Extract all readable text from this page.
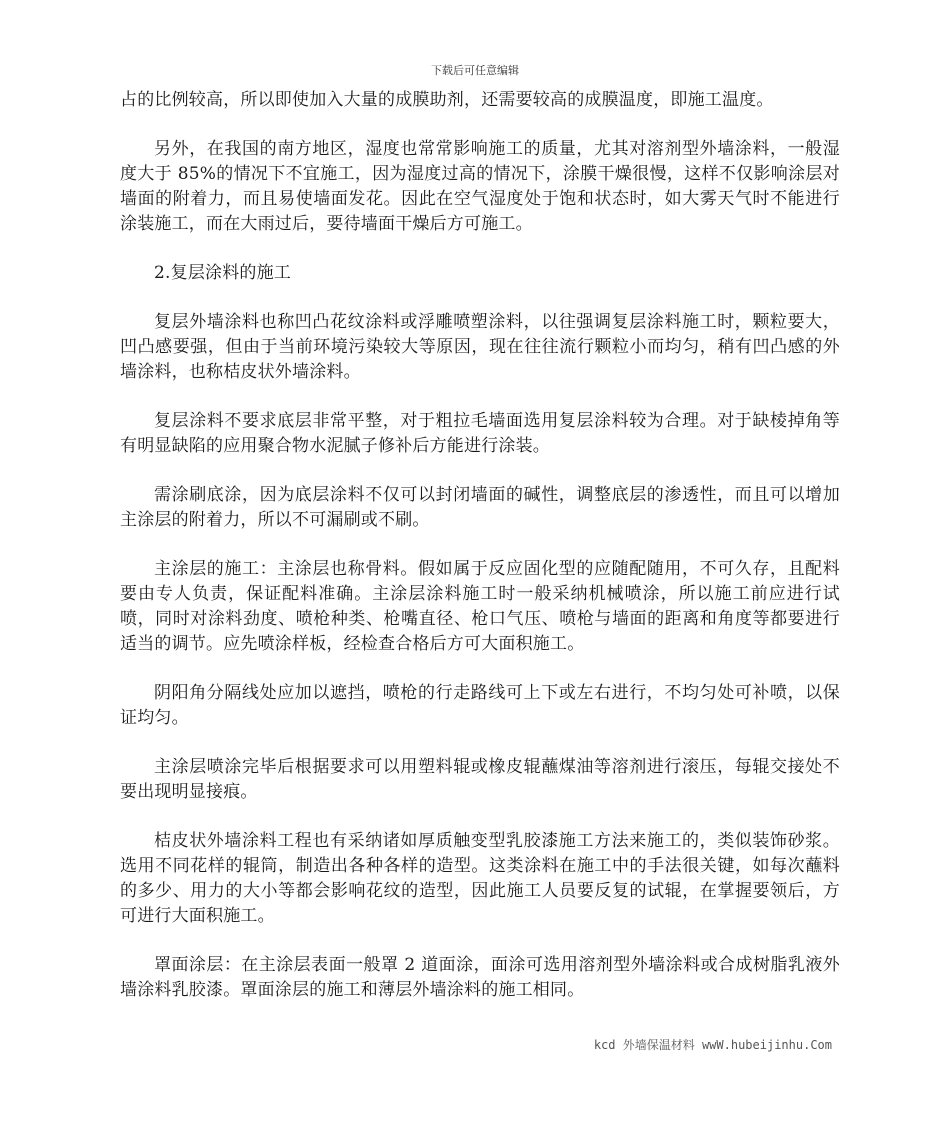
下载后可任意编辑

占的比例较高，所以即使加入大量的成膜助剂，还需要较高的成膜温度，即施工温度。

另外，在我国的南方地区，湿度也常常影响施工的质量，尤其对溶剂型外墙涂料，一般湿度大于 85%的情况下不宜施工，因为湿度过高的情况下，涂膜干燥很慢，这样不仅影响涂层对墙面的附着力，而且易使墙面发花。因此在空气湿度处于饱和状态时，如大雾天气时不能进行涂装施工，而在大雨过后，要待墙面干燥后方可施工。

2.复层涂料的施工

复层外墙涂料也称凹凸花纹涂料或浮雕喷塑涂料，以往强调复层涂料施工时，颗粒要大，凹凸感要强，但由于当前环境污染较大等原因，现在往往流行颗粒小而均匀，稍有凹凸感的外墙涂料，也称桔皮状外墙涂料。

复层涂料不要求底层非常平整，对于粗拉毛墙面选用复层涂料较为合理。对于缺棱掉角等有明显缺陷的应用聚合物水泥腻子修补后方能进行涂装。

需涂刷底涂，因为底层涂料不仅可以封闭墙面的碱性，调整底层的渗透性，而且可以增加主涂层的附着力，所以不可漏刷或不刷。

主涂层的施工：主涂层也称骨料。假如属于反应固化型的应随配随用，不可久存，且配料要由专人负责，保证配料准确。主涂层涂料施工时一般采纳机械喷涂，所以施工前应进行试喷，同时对涂料劲度、喷枪种类、枪嘴直径、枪口气压、喷枪与墙面的距离和角度等都要进行适当的调节。应先喷涂样板，经检查合格后方可大面积施工。

阴阳角分隔线处应加以遮挡，喷枪的行走路线可上下或左右进行，不均匀处可补喷，以保证均匀。

主涂层喷涂完毕后根据要求可以用塑料辊或橡皮辊蘸煤油等溶剂进行滚压，每辊交接处不要出现明显接痕。

桔皮状外墙涂料工程也有采纳诸如厚质触变型乳胶漆施工方法来施工的，类似装饰砂浆。选用不同花样的辊筒，制造出各种各样的造型。这类涂料在施工中的手法很关键，如每次蘸料的多少、用力的大小等都会影响花纹的造型，因此施工人员要反复的试辊，在掌握要领后，方可进行大面积施工。

罩面涂层：在主涂层表面一般罩 2 道面涂，面涂可选用溶剂型外墙涂料或合成树脂乳液外墙涂料乳胶漆。罩面涂层的施工和薄层外墙涂料的施工相同。

kcd 外墙保温材料 wwW.hubeijinhu.Com
